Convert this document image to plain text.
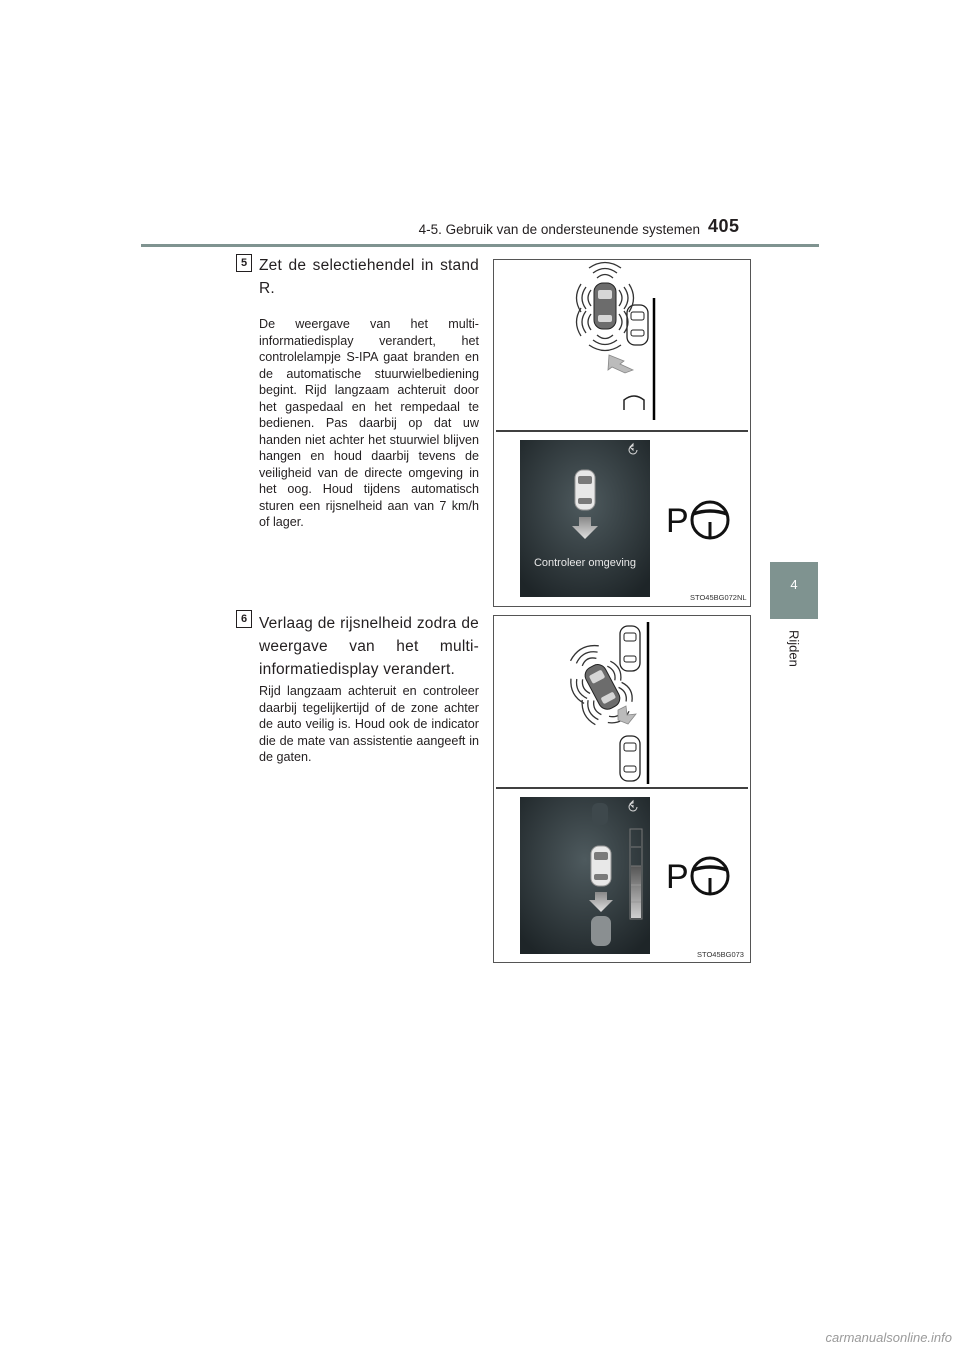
4-5. Gebruik van de ondersteunende systemen 405
4
Rijden
5 Zet de selectiehendel in stand R.
De weergave van het multi-informatiedisplay verandert, het controlelampje S-IPA gaat branden en de automatische stuurwielbediening begint. Rijd langzaam achteruit door het gaspedaal en het rempedaal te bedienen. Pas daarbij op dat uw handen niet achter het stuurwiel blijven hangen en houd daarbij tevens de veiligheid van de directe omgeving in het oog. Houd tijdens automatisch sturen een rijsnelheid aan van 7 km/h of lager.
Controleer omgeving
P
STO45BG072NL
6 Verlaag de rijsnelheid zodra de weergave van het multi-informatiedisplay verandert.
Rijd langzaam achteruit en controleer daarbij tegelijkertijd of de zone achter de auto veilig is. Houd ook de indicator die de mate van assistentie aangeeft in de gaten.
P
STO45BG073
carmanualsonline.info
